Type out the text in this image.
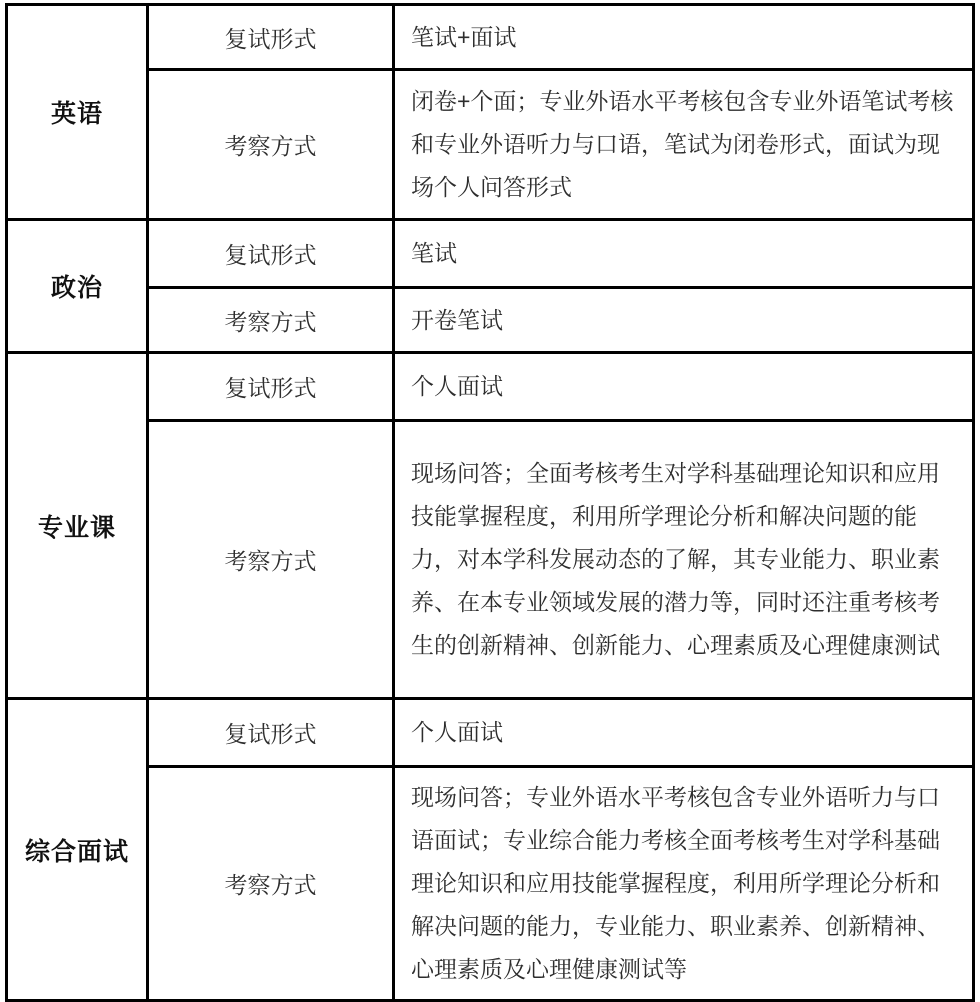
英语	复试形式	笔试+面试
	考察方式	闭卷+个面；专业外语水平考核包含专业外语笔试考核和专业外语听力与口语，笔试为闭卷形式，面试为现场个人问答形式
政治	复试形式	笔试
	考察方式	开卷笔试
专业课	复试形式	个人面试
	考察方式	现场问答；全面考核考生对学科基础理论知识和应用技能掌握程度，利用所学理论分析和解决问题的能力，对本学科发展动态的了解，其专业能力、职业素养、在本专业领域发展的潜力等，同时还注重考核考生的创新精神、创新能力、心理素质及心理健康测试
综合面试	复试形式	个人面试
	考察方式	现场问答；专业外语水平考核包含专业外语听力与口语面试；专业综合能力考核全面考核考生对学科基础理论知识和应用技能掌握程度，利用所学理论分析和解决问题的能力，专业能力、职业素养、创新精神、心理素质及心理健康测试等
